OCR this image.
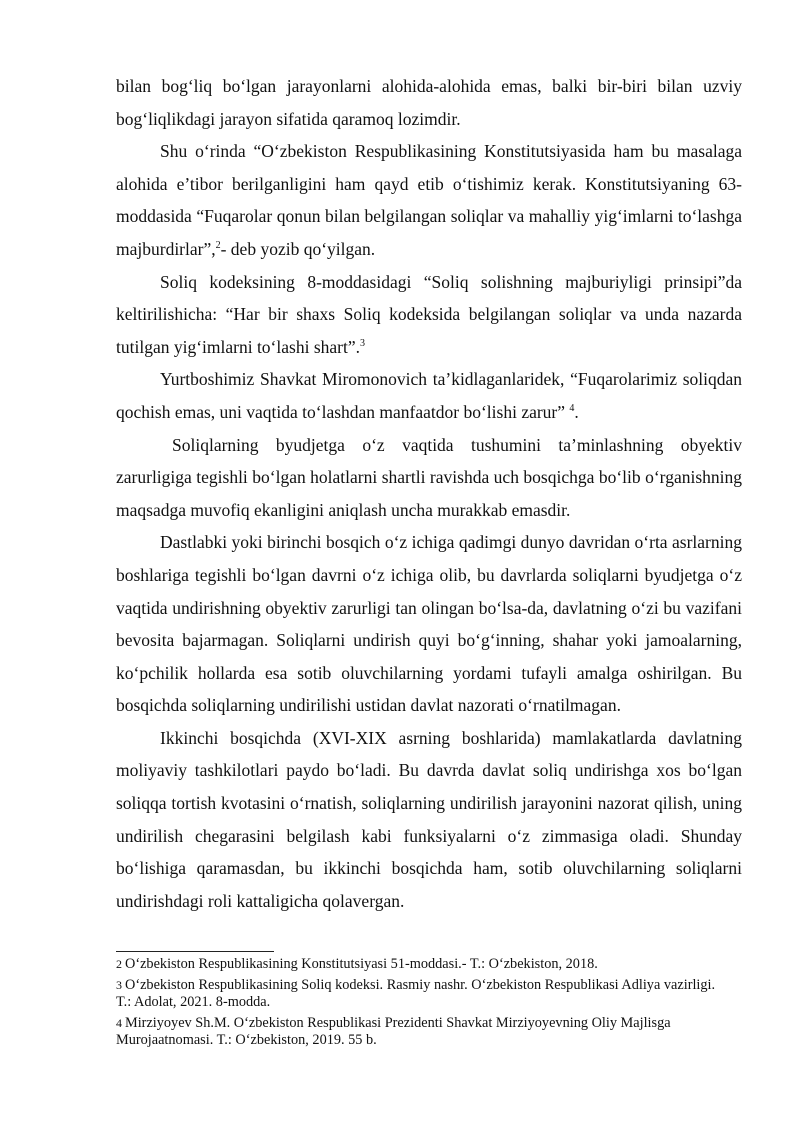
bilan bog‘liq bo‘lgan jarayonlarni alohida-alohida emas, balki bir-biri bilan uzviy bog‘liqlikdagi jarayon sifatida qaramoq lozimdir.

Shu o‘rinda “O‘zbekiston Respublikasining Konstitutsiyasida ham bu masalaga alohida e’tibor berilganligini ham qayd etib o‘tishimiz kerak. Konstitutsiyaning 63-moddasida “Fuqarolar qonun bilan belgilangan soliqlar va mahalliy yig‘imlarni to‘lashga majburdirlar”,$^2$- deb yozib qo‘yilgan.

Soliq kodeksining 8-moddasidagi “Soliq solishning majburiyligi prinsipi”da keltirilishicha: “Har bir shaxs Soliq kodeksida belgilangan soliqlar va unda nazarda tutilgan yig‘imlarni to‘lashi shart”.$^3$

Yurtboshimiz Shavkat Miromonovich ta’kidlaganlaridek, “Fuqarolarimiz soliqdan qochish emas, uni vaqtida to‘lashdan manfaatdor bo‘lishi zarur” $^4$.

Soliqlarning byudjetga o‘z vaqtida tushumini ta’minlashning obyektiv zarurligiga tegishli bo‘lgan holatlarni shartli ravishda uch bosqichga bo‘lib o‘rganishning maqsadga muvofiq ekanligini aniqlash uncha murakkab emasdir.

Dastlabki yoki birinchi bosqich o‘z ichiga qadimgi dunyo davridan o‘rta asrlarning boshlariga tegishli bo‘lgan davrni o‘z ichiga olib, bu davrlarda soliqlarni byudjetga o‘z vaqtida undirishning obyektiv zarurligi tan olingan bo‘lsa-da, davlatning o‘zi bu vazifani bevosita bajarmagan. Soliqlarni undirish quyi bo‘g‘inning, shahar yoki jamoalarning, ko‘pchilik hollarda esa sotib oluvchilarning yordami tufayli amalga oshirilgan. Bu bosqichda soliqlarning undirilishi ustidan davlat nazorati o‘rnatilmagan.

Ikkinchi bosqichda (XVI-XIX asrning boshlarida) mamlakatlarda davlatning moliyaviy tashkilotlari paydo bo‘ladi. Bu davrda davlat soliq undirishga xos bo‘lgan soliqqa tortish kvotasini o‘rnatish, soliqlarning undirilish jarayonini nazorat qilish, uning undirilish chegarasini belgilash kabi funksiyalarni o‘z zimmasiga oladi. Shunday bo‘lishiga qaramasdan, bu ikkinchi bosqichda ham, sotib oluvchilarning soliqlarni undirishdagi roli kattaligicha qolavergan.

2 O‘zbekiston Respublikasining Konstitutsiyasi 51-moddasi.- T.: O‘zbekiston, 2018.

3 O‘zbekiston Respublikasining Soliq kodeksi. Rasmiy nashr. O‘zbekiston Respublikasi Adliya vazirligi. T.: Adolat, 2021. 8-modda.

4 Mirziyoyev Sh.M. O‘zbekiston Respublikasi Prezidenti Shavkat Mirziyoyevning Oliy Majlisga Murojaatnomasi. T.: O‘zbekiston, 2019. 55 b.
